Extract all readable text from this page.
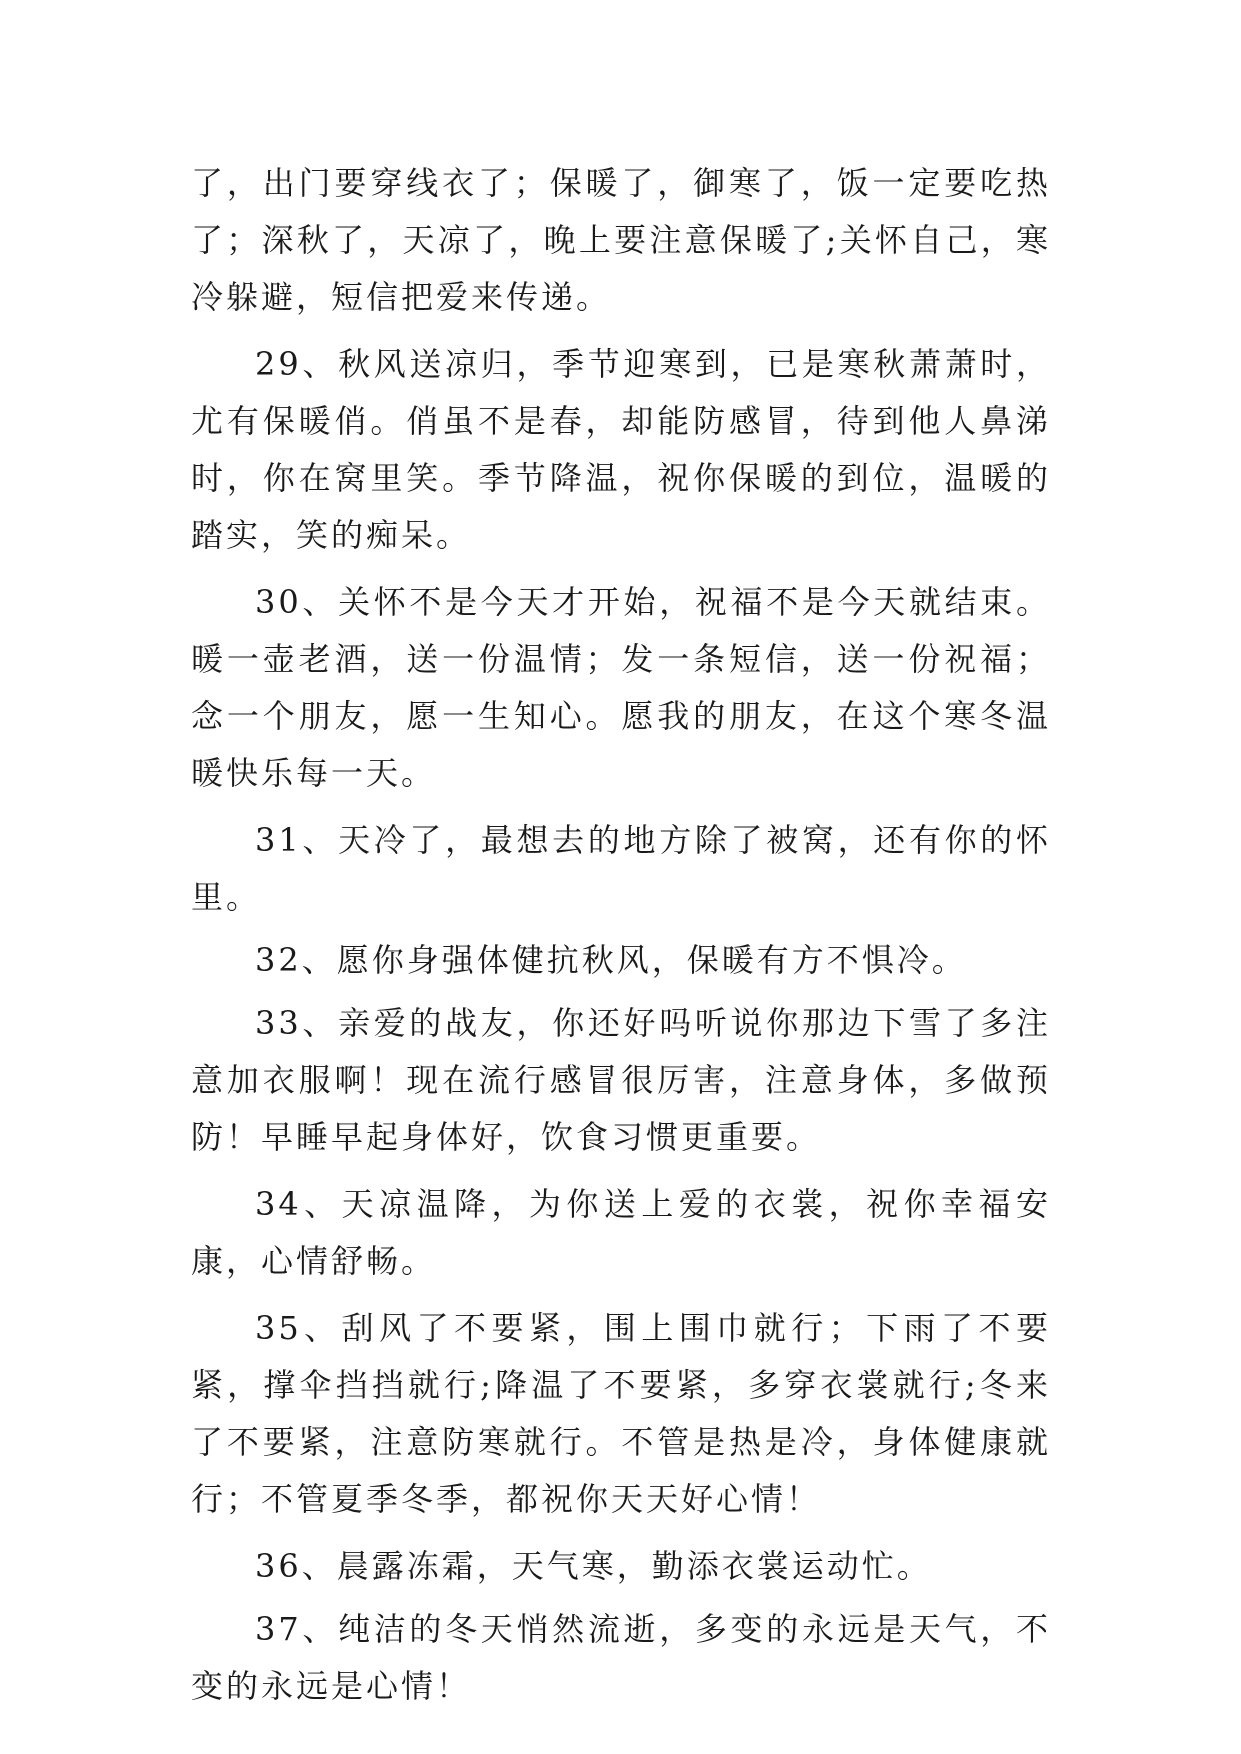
了，出门要穿线衣了；保暖了，御寒了，饭一定要吃热了；深秋了，天凉了，晚上要注意保暖了;关怀自己，寒冷躲避，短信把爱来传递。

29、秋风送凉归，季节迎寒到，已是寒秋萧萧时，尤有保暖俏。俏虽不是春，却能防感冒，待到他人鼻涕时，你在窝里笑。季节降温，祝你保暖的到位，温暖的踏实，笑的痴呆。

30、关怀不是今天才开始，祝福不是今天就结束。暖一壶老酒，送一份温情；发一条短信，送一份祝福；念一个朋友，愿一生知心。愿我的朋友，在这个寒冬温暖快乐每一天。

31、天冷了，最想去的地方除了被窝，还有你的怀里。

32、愿你身强体健抗秋风，保暖有方不惧冷。

33、亲爱的战友，你还好吗听说你那边下雪了多注意加衣服啊！现在流行感冒很厉害，注意身体，多做预防！早睡早起身体好，饮食习惯更重要。

34、天凉温降，为你送上爱的衣裳，祝你幸福安康，心情舒畅。

35、刮风了不要紧，围上围巾就行；下雨了不要紧，撑伞挡挡就行;降温了不要紧，多穿衣裳就行;冬来了不要紧，注意防寒就行。不管是热是冷，身体健康就行；不管夏季冬季，都祝你天天好心情！

36、晨露冻霜，天气寒，勤添衣裳运动忙。

37、纯洁的冬天悄然流逝，多变的永远是天气，不变的永远是心情！
